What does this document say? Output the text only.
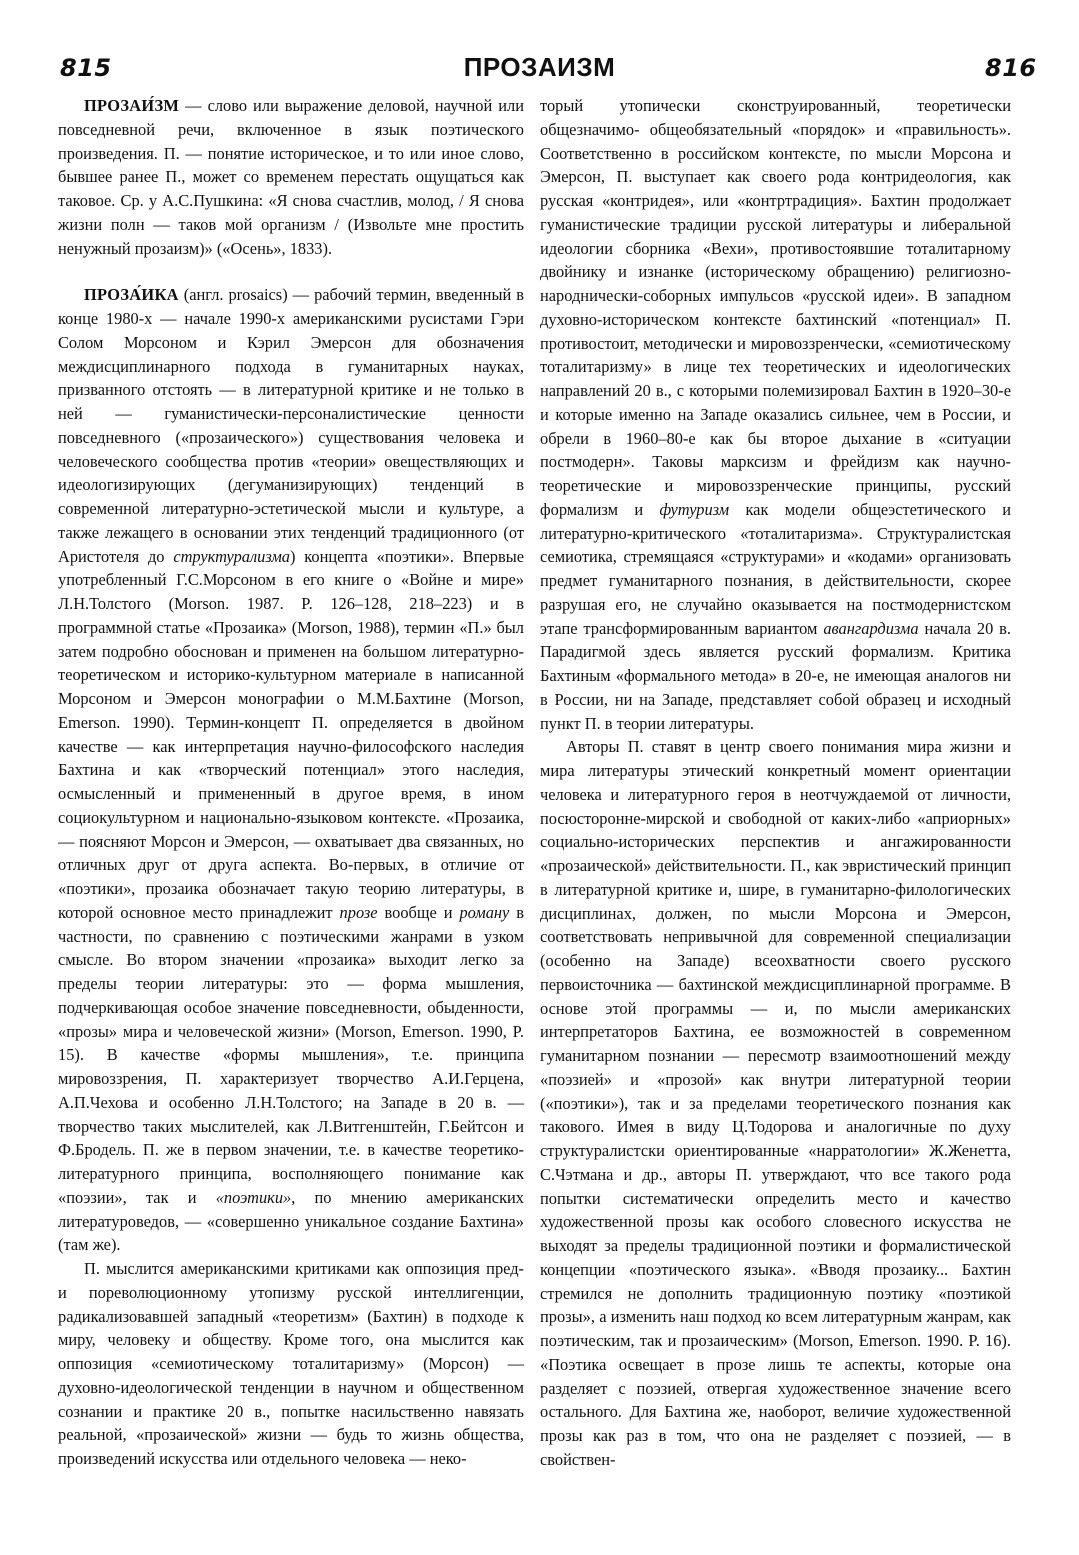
815	ПРОЗАИЗМ	816

ПРОЗАИ́ЗМ — слово или выражение деловой, научной или повседневной речи, включенное в язык поэтического произведения. П. — понятие историческое, и то или иное слово, бывшее ранее П., может со временем перестать ощущаться как таковое. Ср. у А.С.Пушкина: «Я снова счастлив, молод, / Я снова жизни полн — таков мой организм / (Извольте мне простить ненужный прозаизм)» («Осень», 1833).

ПРОЗА́ИКА (англ. prosaics) — рабочий термин, введенный в конце 1980-х — начале 1990-х американскими русистами Гэри Солом Морсоном и Кэрил Эмерсон для обозначения междисциплинарного подхода в гуманитарных науках, призванного отстоять — в литературной критике и не только в ней — гуманистически-персоналистические ценности повседневного («прозаического») существования человека и человеческого сообщества против «теории» овеществляющих и идеологизирующих (дегуманизирующих) тенденций в современной литературно-эстетической мысли и культуре, а также лежащего в основании этих тенденций традиционного (от Аристотеля до структурализма) концепта «поэтики». Впервые употребленный Г.С.Морсоном в его книге о «Войне и мире» Л.Н.Толстого (Morson. 1987. P. 126–128, 218–223) и в программной статье «Прозаика» (Morson, 1988), термин «П.» был затем подробно обоснован и применен на большом литературно-теоретическом и историко-культурном материале в написанной Морсоном и Эмерсон монографии о М.М.Бахтине (Morson, Emerson. 1990). Термин-концепт П. определяется в двойном качестве — как интерпретация научно-философского наследия Бахтина и как «творческий потенциал» этого наследия, осмысленный и примененный в другое время, в ином социокультурном и национально-языковом контексте. «Прозаика, — поясняют Морсон и Эмерсон, — охватывает два связанных, но отличных друг от друга аспекта. Во-первых, в отличие от «поэтики», прозаика обозначает такую теорию литературы, в которой основное место принадлежит прозе вообще и роману в частности, по сравнению с поэтическими жанрами в узком смысле. Во втором значении «прозаика» выходит легко за пределы теории литературы: это — форма мышления, подчеркивающая особое значение повседневности, обыденности, «прозы» мира и человеческой жизни» (Morson, Emerson. 1990, P. 15). В качестве «формы мышления», т.е. принципа мировоззрения, П. характеризует творчество А.И.Герцена, А.П.Чехова и особенно Л.Н.Толстого; на Западе в 20 в. — творчество таких мыслителей, как Л.Витгенштейн, Г.Бейтсон и Ф.Бродель. П. же в первом значении, т.е. в качестве теоретико-литературного принципа, восполняющего понимание как «поэзии», так и «поэтики», по мнению американских литературоведов, — «совершенно уникальное создание Бахтина» (там же).

П. мыслится американскими критиками как оппозиция пред- и пореволюционному утопизму русской интеллигенции, радикализовавшей западный «теоретизм» (Бахтин) в подходе к миру, человеку и обществу. Кроме того, она мыслится как оппозиция «семиотическому тоталитаризму» (Морсон) — духовно-идеологической тенденции в научном и общественном сознании и практике 20 в., попытке насильственно навязать реальной, «прозаической» жизни — будь то жизнь общества, произведений искусства или отдельного человека — неко-

торый утопически сконструированный, теоретически общезначимо- общеобязательный «порядок» и «правильность». Соответственно в российском контексте, по мысли Морсона и Эмерсон, П. выступает как своего рода контридеология, как русская «контридея», или «контртрадиция». Бахтин продолжает гуманистические традиции русской литературы и либеральной идеологии сборника «Вехи», противостоявшие тоталитарному двойнику и изнанке (историческому обращению) религиозно-народнически-соборных импульсов «русской идеи». В западном духовно-историческом контексте бахтинский «потенциал» П. противостоит, методически и мировоззренчески, «семиотическому тоталитаризму» в лице тех теоретических и идеологических направлений 20 в., с которыми полемизировал Бахтин в 1920–30-е и которые именно на Западе оказались сильнее, чем в России, и обрели в 1960–80-е как бы второе дыхание в «ситуации постмодерн». Таковы марксизм и фрейдизм как научно-теоретические и мировоззренческие принципы, русский формализм и футуризм как модели общеэстетического и литературно-критического «тоталитаризма». Структуралистская семиотика, стремящаяся «структурами» и «кодами» организовать предмет гуманитарного познания, в действительности, скорее разрушая его, не случайно оказывается на постмодернистском этапе трансформированным вариантом авангардизма начала 20 в. Парадигмой здесь является русский формализм. Критика Бахтиным «формального метода» в 20-е, не имеющая аналогов ни в России, ни на Западе, представляет собой образец и исходный пункт П. в теории литературы.

Авторы П. ставят в центр своего понимания мира жизни и мира литературы этический конкретный момент ориентации человека и литературного героя в неотчуждаемой от личности, посюсторонне-мирской и свободной от каких-либо «априорных» социально-исторических перспектив и ангажированности «прозаической» действительности. П., как эвристический принцип в литературной критике и, шире, в гуманитарно-филологических дисциплинах, должен, по мысли Морсона и Эмерсон, соответствовать непривычной для современной специализации (особенно на Западе) всеохватности своего русского первоисточника — бахтинской междисциплинарной программе. В основе этой программы — и, по мысли американских интерпретаторов Бахтина, ее возможностей в современном гуманитарном познании — пересмотр взаимоотношений между «поэзией» и «прозой» как внутри литературной теории («поэтики»), так и за пределами теоретического познания как такового. Имея в виду Ц.Тодорова и аналогичные по духу структуралистски ориентированные «нарратологии» Ж.Женетта, С.Чэтмана и др., авторы П. утверждают, что все такого рода попытки систематически определить место и качество художественной прозы как особого словесного искусства не выходят за пределы традиционной поэтики и формалистической концепции «поэтического языка». «Вводя прозаику... Бахтин стремился не дополнить традиционную поэтику «поэтикой прозы», а изменить наш подход ко всем литературным жанрам, как поэтическим, так и прозаическим» (Morson, Emerson. 1990. P. 16). «Поэтика освещает в прозе лишь те аспекты, которые она разделяет с поэзией, отвергая художественное значение всего остального. Для Бахтина же, наоборот, величие художественной прозы как раз в том, что она не разделяет с поэзией, — в свойствен-
